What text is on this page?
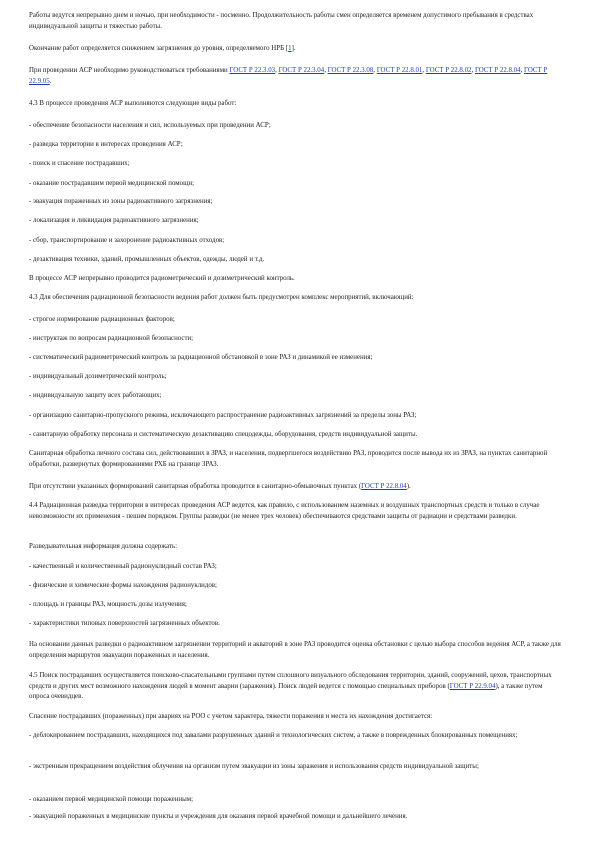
Работы ведутся непрерывно днем и ночью, при необходимости - посменно. Продолжительность работы смен определяется временем допустимого пребывания в средствах индивидуальной защиты и тяжестью работы.

Окончание работ определяется снижением загрязнения до уровня, определяемого НРБ [1].

При проведении АСР необходимо руководствоваться требованиями ГОСТ Р 22.3.03, ГОСТ Р 22.3.04, ГОСТ Р 22.3.08, ГОСТ Р 22.8.01, ГОСТ Р 22.8.02, ГОСТ Р 22.8.04, ГОСТ Р 22.9.05.

4.3 В процессе проведения АСР выполняются следующие виды работ:

- обеспечение безопасности населения и сил, используемых при проведении АСР;

- разведка территории в интересах проведения АСР;

- поиск и спасение пострадавших;

- оказание пострадавшим первой медицинской помощи;

- эвакуация пораженных из зоны радиоактивного загрязнения;

- локализация и ликвидация радиоактивного загрязнения;

- сбор, транспортирование и захоронение радиоактивных отходов;

- дезактивация техники, зданий, промышленных объектов, одежды, людей и т.д.

В процессе АСР непрерывно проводится радиометрический и дозиметрический контроль.

4.3 Для обеспечения радиационной безопасности ведения работ должен быть предусмотрен комплекс мероприятий, включающий:

- строгое нормирование радиационных факторов;

- инструктаж по вопросам радиационной безопасности;

- систематический радиометрический контроль за радиационной обстановкой в зоне РАЗ и динамикой ее изменения;

- индивидуальный дозиметрический контроль;

- индивидуальную защиту всех работающих;

- организацию санитарно-пропускного режима, исключающего распространение радиоактивных загрязнений за пределы зоны РАЗ;

- санитарную обработку персонала и систематическую дезактивацию спецодежды, оборудования, средств индивидуальной защиты.

Санитарная обработка личного состава сил, действовавших в ЗРАЗ, и населения, подвергшегося воздействию РАЗ, проводится после вывода их из ЗРАЗ, на пунктах санитарной обработки, развернутых формированиями РХБ на границе ЗРАЗ.

При отсутствии указанных формирований санитарная обработка проводится в санитарно-обмывочных пунктах (ГОСТ Р 22.8.04).

4.4 Радиационная разведка территории в интересах проведения АСР ведется, как правило, с использованием наземных и воздушных транспортных средств и только в случае невозможности их применения - пешим порядком. Группы разведки (не менее трех человек) обеспечиваются средствами защиты от радиации и средствами разведки.

Разведывательная информация должна содержать:

- качественный и количественный радионуклидный состав РАЗ;

- физические и химические формы нахождения радионуклидов;

- площадь и границы РАЗ, мощность дозы излучения;

- характеристики типовых поверхностей загрязненных объектов.

На основании данных разведки о радиоактивном загрязнении территорий и акваторий в зоне РАЗ проводится оценка обстановки с целью выбора способов ведения АСР, а также для определения маршрутов эвакуации пораженных и населения.

4.5 Поиск пострадавших осуществляется поисково-спасательными группами путем сплошного визуального обследования территории, зданий, сооружений, цехов, транспортных средств и других мест возможного нахождения людей в момент аварии (заражения). Поиск людей ведется с помощью специальных приборов (ГОСТ Р 22.9.04), а также путем опроса очевидцев.

Спасение пострадавших (пораженных) при авариях на РОО с учетом характера, тяжести поражения и места их нахождения достигается:

- деблокированием пострадавших, находящихся под завалами разрушенных зданий и технологических систем, а также в поврежденных блокированных помещениях;

- экстренным прекращением воздействия облучения на организм путем эвакуации из зоны заражения и использования средств индивидуальной защиты;

- оказанием первой медицинской помощи пораженным;

- эвакуацией пораженных в медицинские пункты и учреждения для оказания первой врачебной помощи и дальнейшего лечения.
